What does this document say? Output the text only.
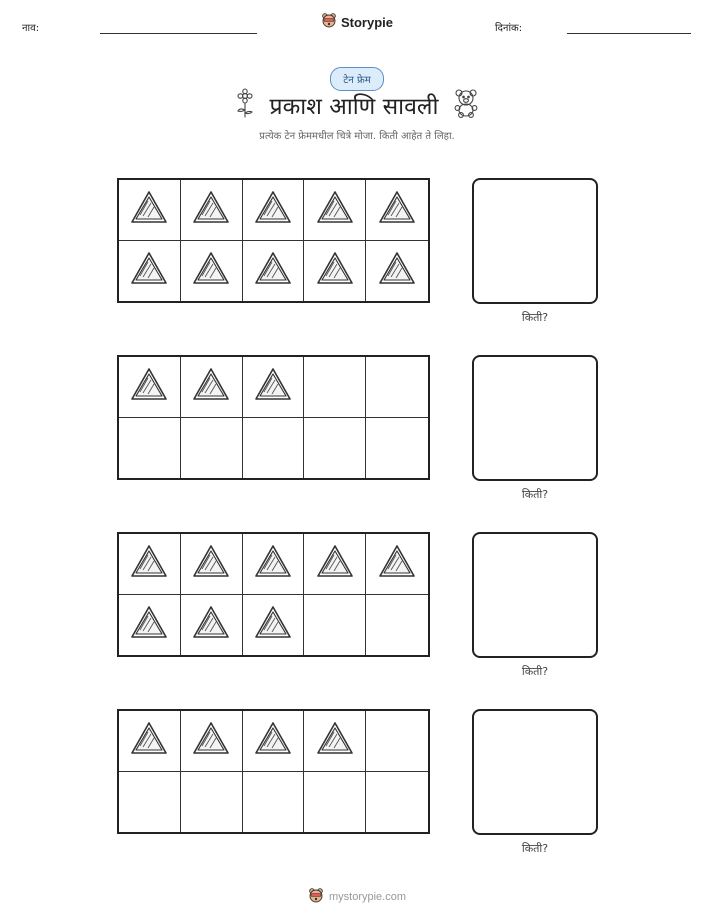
नाव:	Storypie	दिनांक:
टेन फ्रेम
प्रकाश आणि सावली
प्रत्येक टेन फ्रेममधील चित्रे मोजा. किती आहेत ते लिहा.
किती?
किती?
किती?
किती?
mystorypie.com
